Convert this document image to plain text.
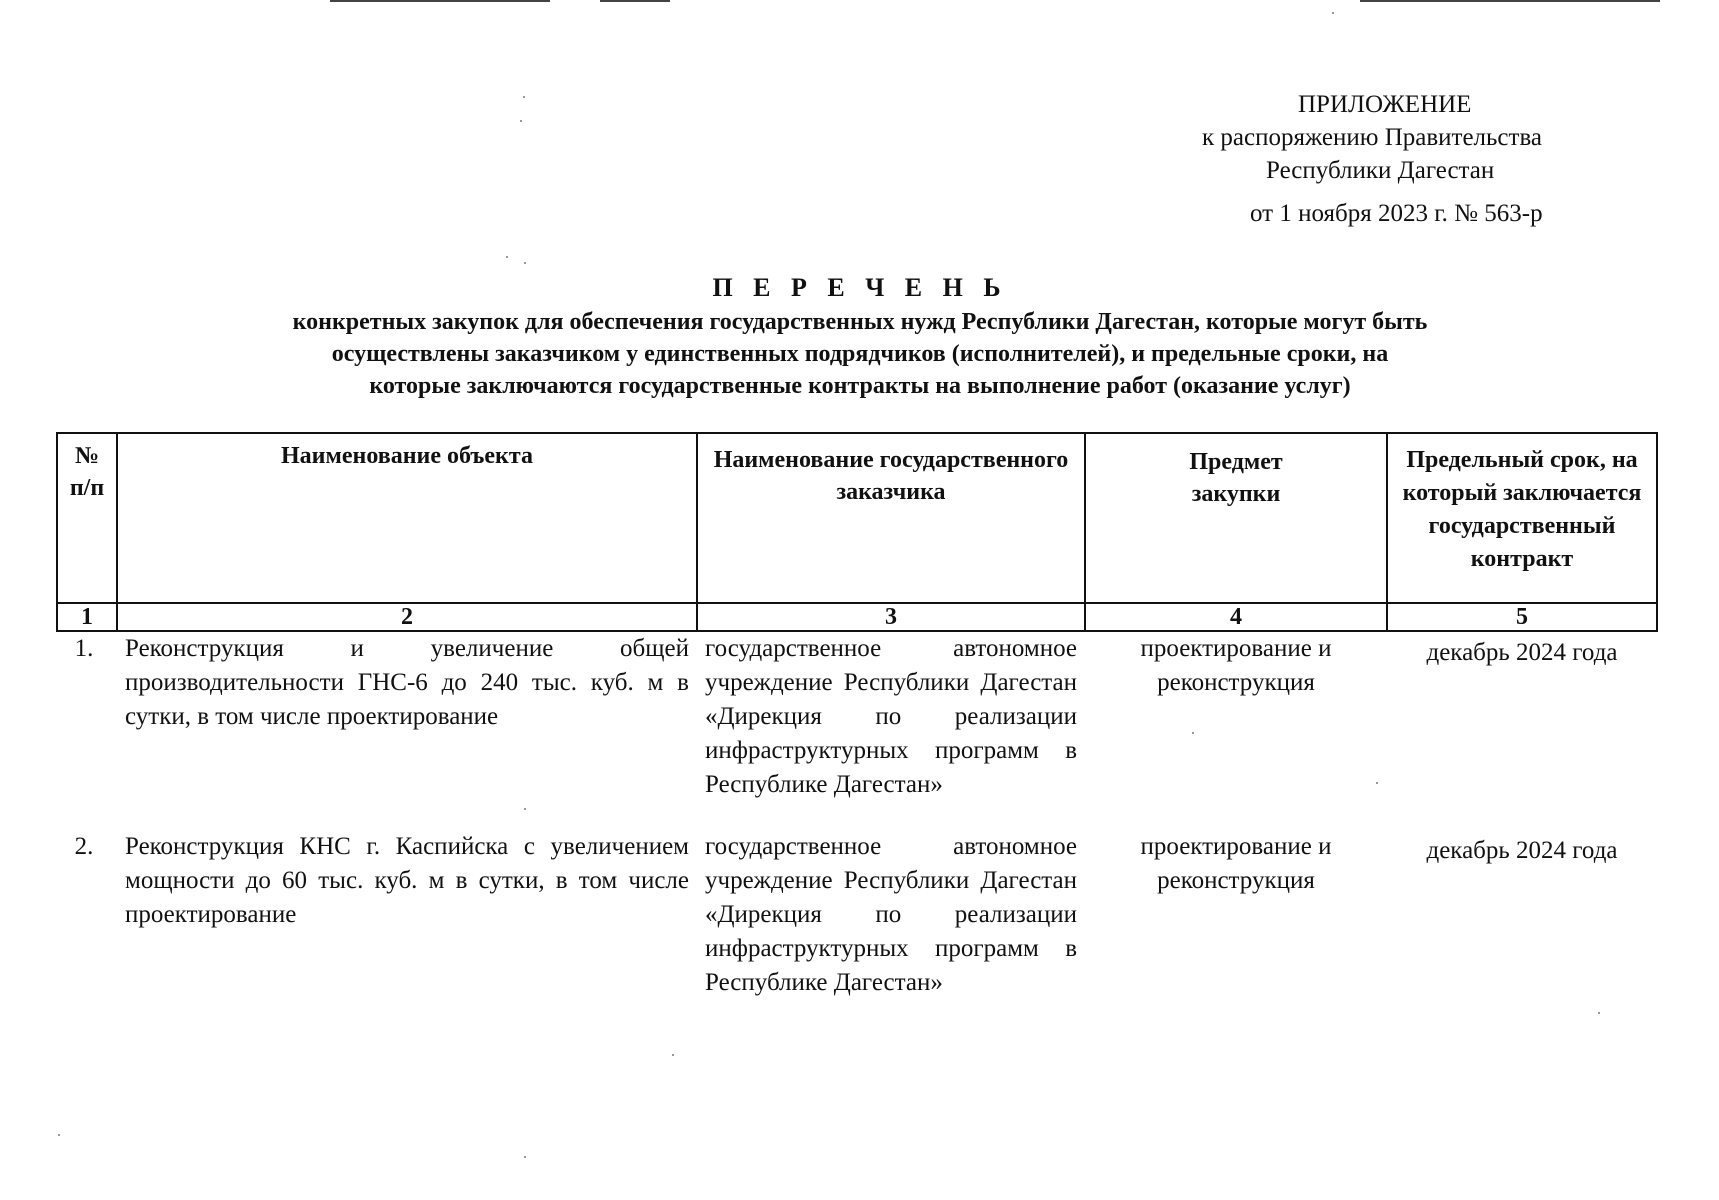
ПРИЛОЖЕНИЕ
к распоряжению Правительства
Республики Дагестан
от 1 ноября 2023 г. № 563-р
П Е Р Е Ч Е Н Ь
конкретных закупок для обеспечения государственных нужд Республики Дагестан, которые могут быть
осуществлены заказчиком у единственных подрядчиков (исполнителей), и предельные сроки, на
которые заключаются государственные контракты на выполнение работ (оказание услуг)
№ п/п	Наименование объекта	Наименование государственного заказчика	Предмет закупки	Предельный срок, на который заключается государственный контракт
1	2	3	4	5
1.	Реконструкция и увеличение общей производительности ГНС-6 до 240 тыс. куб. м в сутки, в том числе проектирование	государственное автономное учреждение Республики Дагестан «Дирекция по реализации инфраструктурных программ в Республике Дагестан»	проектирование и реконструкция	декабрь 2024 года
2.	Реконструкция КНС г. Каспийска с увеличением мощности до 60 тыс. куб. м в сутки, в том числе проектирование	государственное автономное учреждение Республики Дагестан «Дирекция по реализации инфраструктурных программ в Республике Дагестан»	проектирование и реконструкция	декабрь 2024 года
